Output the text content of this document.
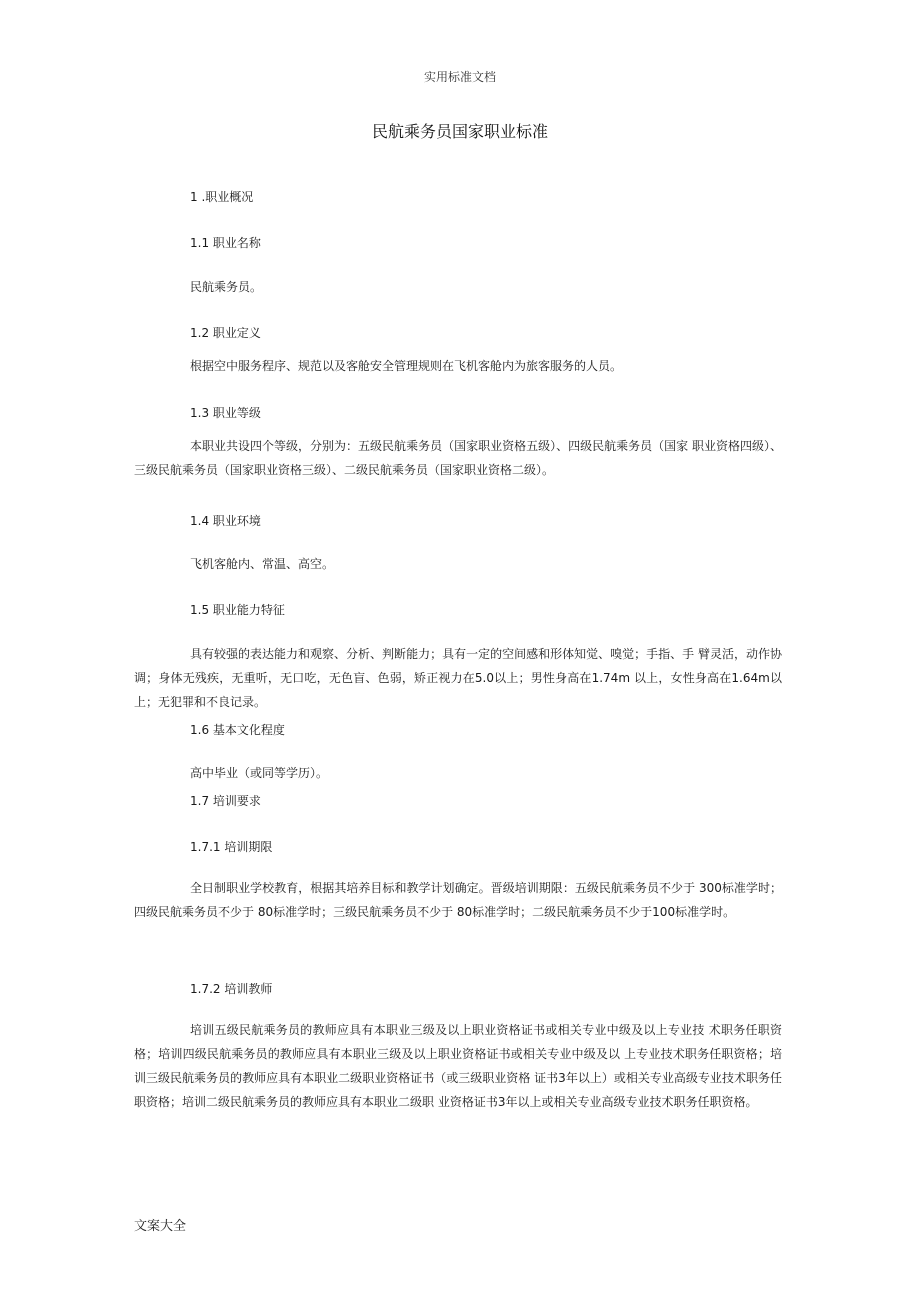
实用标准文档
民航乘务员国家职业标准
1 .职业概况
1.1 职业名称
民航乘务员。
1.2 职业定义
根据空中服务程序、规范以及客舱安全管理规则在飞机客舱内为旅客服务的人员。
1.3 职业等级
本职业共设四个等级，分别为：五级民航乘务员（国家职业资格五级）、四级民航乘务员（国家 职业资格四级）、三级民航乘务员（国家职业资格三级）、二级民航乘务员（国家职业资格二级）。
1.4 职业环境
飞机客舱内、常温、高空。
1.5 职业能力特征
具有较强的表达能力和观察、分析、判断能力；具有一定的空间感和形体知觉、嗅觉；手指、手 臂灵活，动作协调；身体无残疾，无重听，无口吃，无色盲、色弱，矫正视力在5.0以上；男性身高在1.74m 以上，女性身高在1.64m以上；无犯罪和不良记录。
1.6 基本文化程度
高中毕业（或同等学历）。
1.7 培训要求
1.7.1 培训期限
全日制职业学校教育，根据其培养目标和教学计划确定。晋级培训期限：五级民航乘务员不少于 300标准学时；四级民航乘务员不少于 80标准学时；三级民航乘务员不少于 80标准学时；二级民航乘务员不少于100标准学时。
1.7.2 培训教师
培训五级民航乘务员的教师应具有本职业三级及以上职业资格证书或相关专业中级及以上专业技 术职务任职资格；培训四级民航乘务员的教师应具有本职业三级及以上职业资格证书或相关专业中级及以 上专业技术职务任职资格；培训三级民航乘务员的教师应具有本职业二级职业资格证书（或三级职业资格 证书3年以上）或相关专业高级专业技术职务任职资格；培训二级民航乘务员的教师应具有本职业二级职 业资格证书3年以上或相关专业高级专业技术职务任职资格。
文案大全
